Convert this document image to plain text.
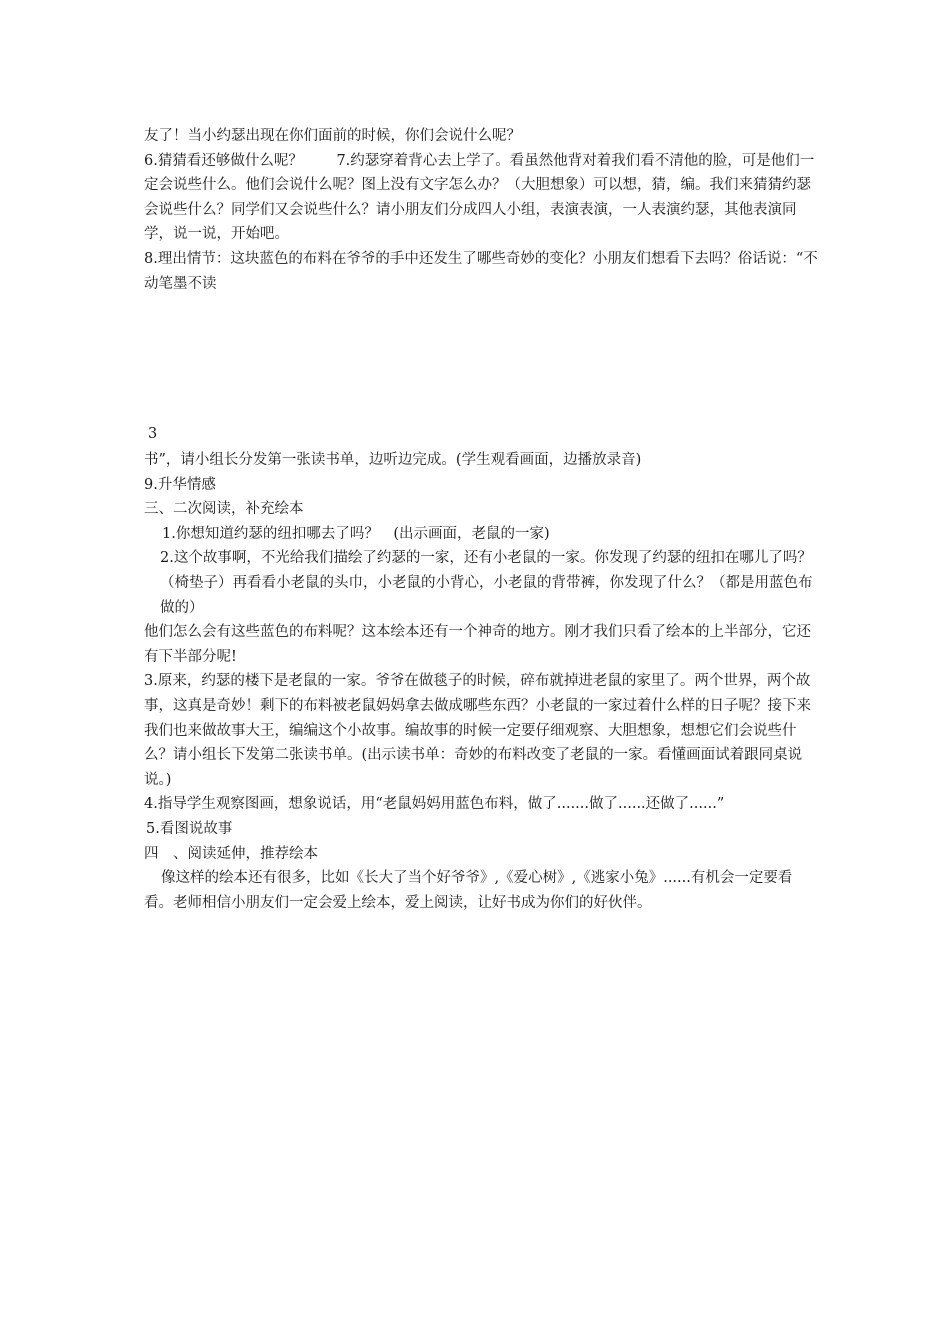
友了！当小约瑟出现在你们面前的时候，你们会说什么呢？

6.猜猜看还够做什么呢？　　 7.约瑟穿着背心去上学了。看虽然他背对着我们看不清他的脸，可是他们一定会说些什么。他们会说什么呢？图上没有文字怎么办？（大胆想象）可以想，猜，编。我们来猜猜约瑟会说些什么？同学们又会说些什么？请小朋友们分成四人小组，表演表演，一人表演约瑟，其他表演同学，说一说，开始吧。

8.理出情节：这块蓝色的布料在爷爷的手中还发生了哪些奇妙的变化？小朋友们想看下去吗？俗话说：“不动笔墨不读

3

书”，请小组长分发第一张读书单，边听边完成。(学生观看画面，边播放录音)

9.升华情感

三、二次阅读，补充绘本

1.你想知道约瑟的纽扣哪去了吗？　(出示画面，老鼠的一家)

2.这个故事啊，不光给我们描绘了约瑟的一家，还有小老鼠的一家。你发现了约瑟的纽扣在哪儿了吗？（椅垫子）再看看小老鼠的头巾，小老鼠的小背心，小老鼠的背带裤，你发现了什么？（都是用蓝色布做的）

他们怎么会有这些蓝色的布料呢？这本绘本还有一个神奇的地方。刚才我们只看了绘本的上半部分，它还有下半部分呢!

3.原来，约瑟的楼下是老鼠的一家。爷爷在做毯子的时候，碎布就掉进老鼠的家里了。两个世界，两个故事，这真是奇妙！剩下的布料被老鼠妈妈拿去做成哪些东西？小老鼠的一家过着什么样的日子呢？接下来我们也来做故事大王，编编这个小故事。编故事的时候一定要仔细观察、大胆想象，想想它们会说些什么？请小组长下发第二张读书单。(出示读书单：奇妙的布料改变了老鼠的一家。看懂画面试着跟同桌说说。)

4.指导学生观察图画，想象说话，用“老鼠妈妈用蓝色布料，做了.......做了......还做了......”

5.看图说故事

四　、阅读延伸，推荐绘本

像这样的绘本还有很多，比如《长大了当个好爷爷》,《爱心树》,《逃家小兔》......有机会一定要看看。老师相信小朋友们一定会爱上绘本，爱上阅读，让好书成为你们的好伙伴。
